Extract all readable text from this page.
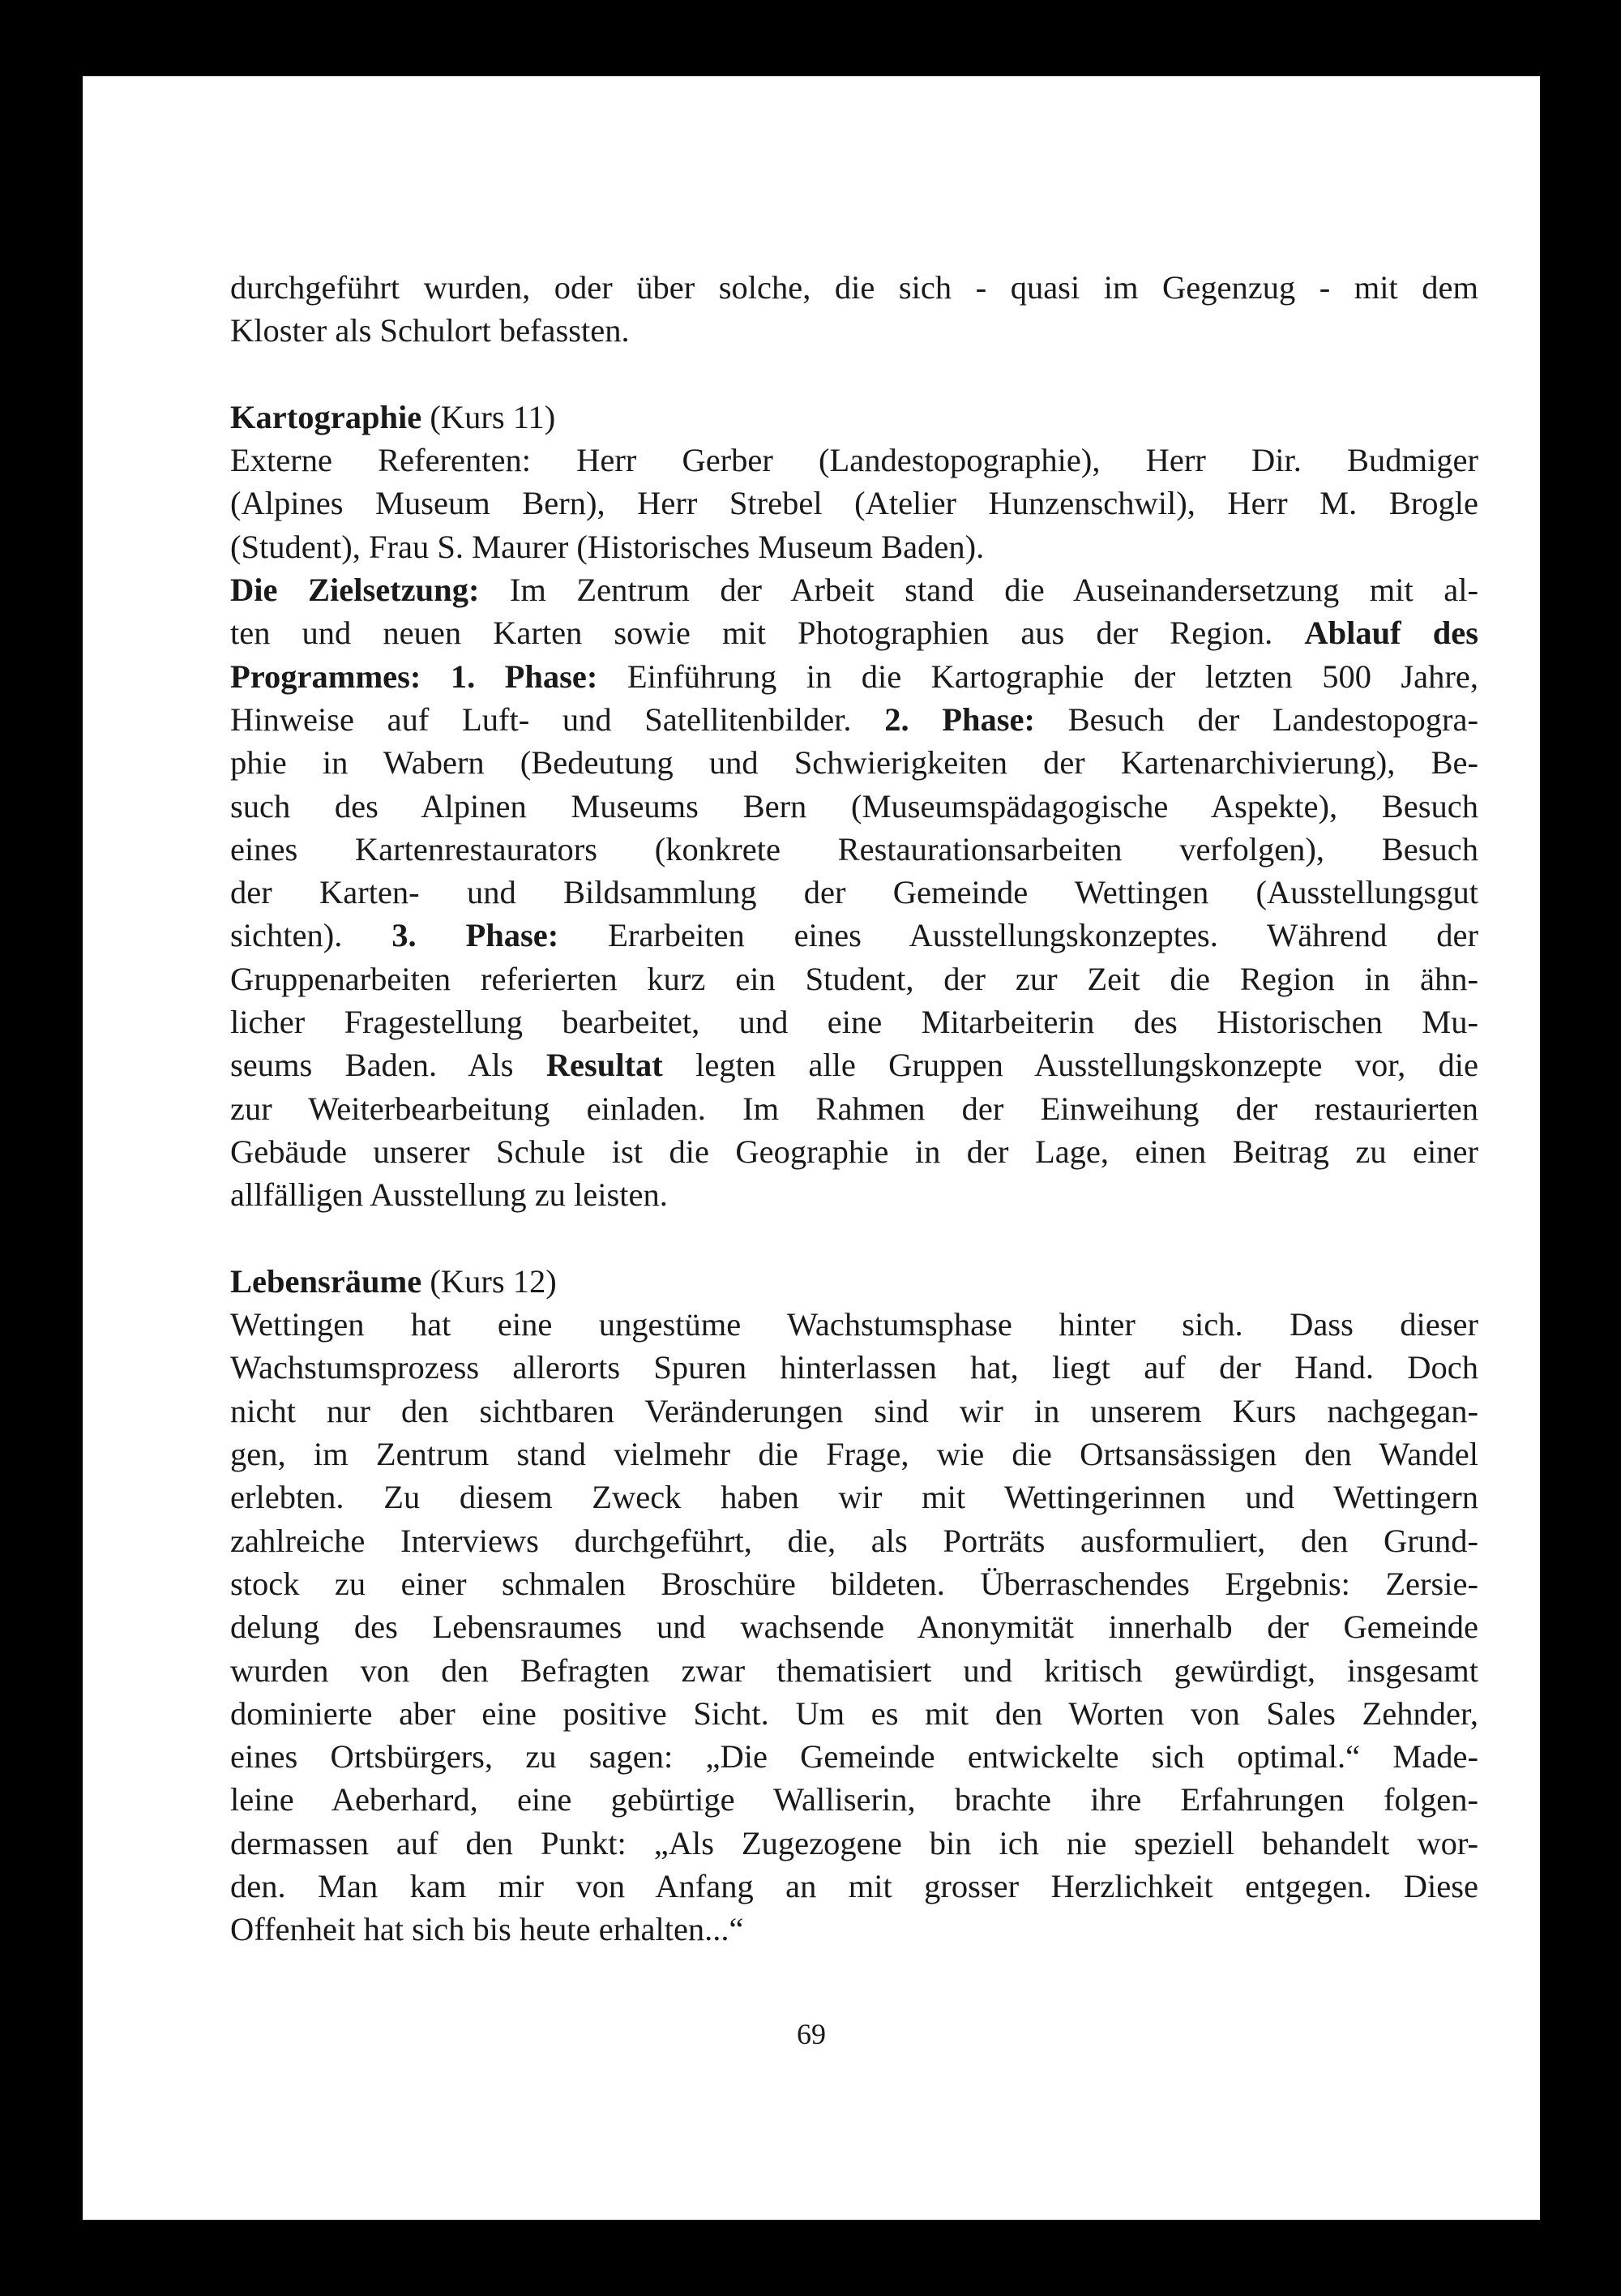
durchgeführt wurden, oder über solche, die sich - quasi im Gegenzug - mit dem
Kloster als Schulort befassten.
Kartographie (Kurs 11)
Externe Referenten: Herr Gerber (Landestopographie), Herr Dir. Budmiger
(Alpines Museum Bern), Herr Strebel (Atelier Hunzenschwil), Herr M. Brogle
(Student), Frau S. Maurer (Historisches Museum Baden).
Die Zielsetzung: Im Zentrum der Arbeit stand die Auseinandersetzung mit al-
ten und neuen Karten sowie mit Photographien aus der Region. Ablauf des
Programmes: 1. Phase: Einführung in die Kartographie der letzten 500 Jahre,
Hinweise auf Luft- und Satellitenbilder. 2. Phase: Besuch der Landestopogra-
phie in Wabern (Bedeutung und Schwierigkeiten der Kartenarchivierung), Be-
such des Alpinen Museums Bern (Museumspädagogische Aspekte), Besuch
eines Kartenrestaurators (konkrete Restaurationsarbeiten verfolgen), Besuch
der Karten- und Bildsammlung der Gemeinde Wettingen (Ausstellungsgut
sichten). 3. Phase: Erarbeiten eines Ausstellungskonzeptes. Während der
Gruppenarbeiten referierten kurz ein Student, der zur Zeit die Region in ähn-
licher Fragestellung bearbeitet, und eine Mitarbeiterin des Historischen Mu-
seums Baden. Als Resultat legten alle Gruppen Ausstellungskonzepte vor, die
zur Weiterbearbeitung einladen. Im Rahmen der Einweihung der restaurierten
Gebäude unserer Schule ist die Geographie in der Lage, einen Beitrag zu einer
allfälligen Ausstellung zu leisten.
Lebensräume (Kurs 12)
Wettingen hat eine ungestüme Wachstumsphase hinter sich. Dass dieser
Wachstumsprozess allerorts Spuren hinterlassen hat, liegt auf der Hand. Doch
nicht nur den sichtbaren Veränderungen sind wir in unserem Kurs nachgegan-
gen, im Zentrum stand vielmehr die Frage, wie die Ortsansässigen den Wandel
erlebten. Zu diesem Zweck haben wir mit Wettingerinnen und Wettingern
zahlreiche Interviews durchgeführt, die, als Porträts ausformuliert, den Grund-
stock zu einer schmalen Broschüre bildeten. Überraschendes Ergebnis: Zersie-
delung des Lebensraumes und wachsende Anonymität innerhalb der Gemeinde
wurden von den Befragten zwar thematisiert und kritisch gewürdigt, insgesamt
dominierte aber eine positive Sicht. Um es mit den Worten von Sales Zehnder,
eines Ortsbürgers, zu sagen: „Die Gemeinde entwickelte sich optimal.“ Made-
leine Aeberhard, eine gebürtige Walliserin, brachte ihre Erfahrungen folgen-
dermassen auf den Punkt: „Als Zugezogene bin ich nie speziell behandelt wor-
den. Man kam mir von Anfang an mit grosser Herzlichkeit entgegen. Diese
Offenheit hat sich bis heute erhalten...“
69
